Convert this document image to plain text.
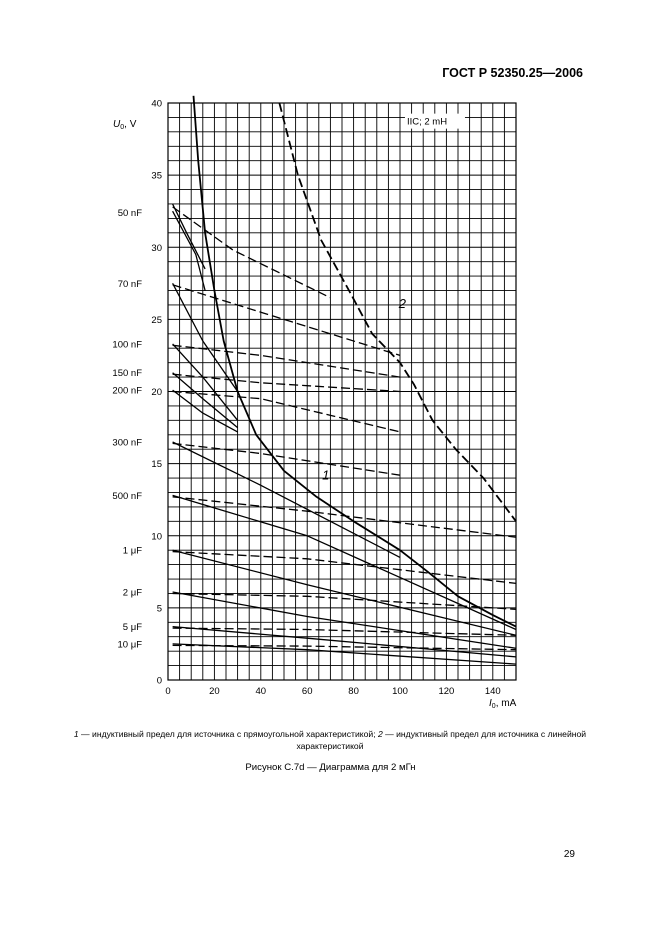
ГОСТ Р 52350.25—2006
0	20	40	60	80	100	120	140
0
5
10
15
20
25
30
35
40
50 nF
70 nF
100 nF
150 nF
200 nF
300 nF
500 nF
1 μF
2 μF
5 μF
10 μF
1
2
IIC; 2 mH
$U_0$, V
$I_0$, mA
1 — индуктивный предел для источника с прямоугольной характеристикой; 2 — индуктивный предел для источника с линейной характеристикой
Рисунок С.7d — Диаграмма для 2 мГн
29
